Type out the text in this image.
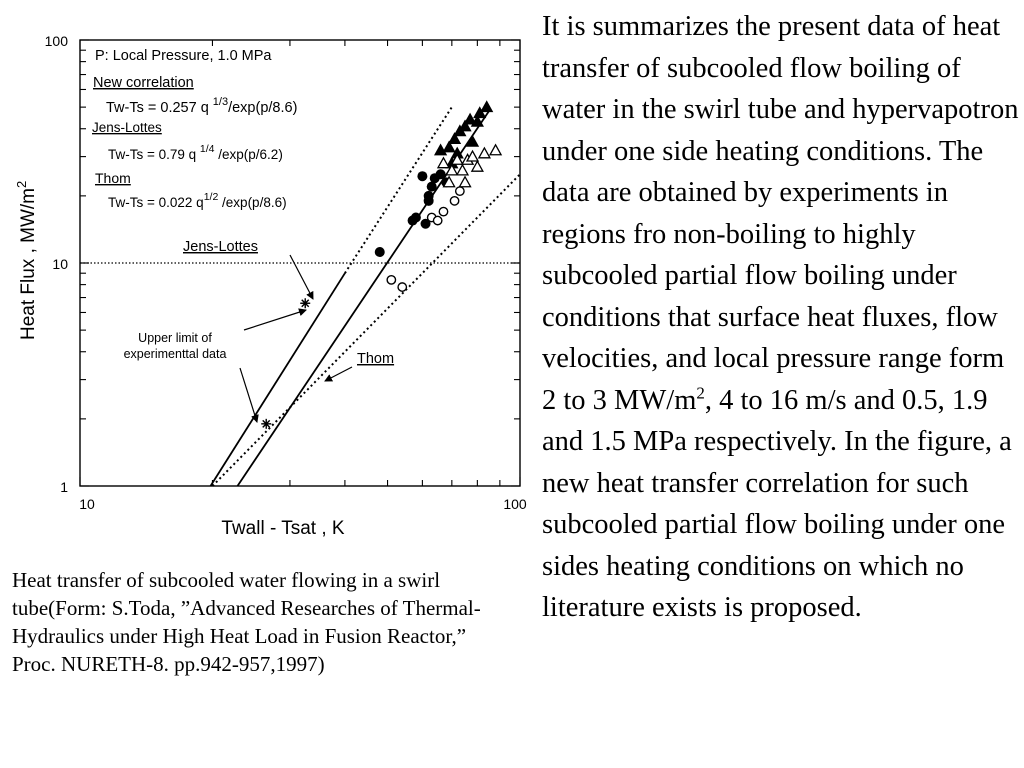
100
10
1
10	100
Twall - Tsat , K
Heat Flux , $MW/m^2$
P: Local Pressure, 1.0 MPa
New correlation
Tw-Ts = 0.257 q $^{1/3}$/exp(p/8.6)
Jens-Lottes
Tw-Ts = 0.79 q $^{1/4}$ /exp(p/6.2)
Thom
Tw-Ts = 0.022 $q^{1/2}$ /exp(p/8.6)
Jens-Lottes
Upper limit of
experimenttal data	Thom

Heat transfer of subcooled water flowing in a swirl tube(Form: S.Toda, ”Advanced Researches of Thermal-Hydraulics under High Heat Load in Fusion Reactor,” Proc. NURETH-8. pp.942-957,1997)

It is summarizes the present data of heat transfer of subcooled flow boiling of water in the swirl tube and hypervapotron under one side heating conditions. The data are obtained by experiments in regions fro non-boiling to highly subcooled partial flow boiling under conditions that surface heat fluxes, flow velocities, and local pressure range form 2 to 3 $MW/m^2$, 4 to 16 m/s and 0.5, 1.9 and 1.5 MPa respectively. In the figure, a new heat transfer correlation for such subcooled partial flow boiling under one sides heating conditions on which no literature exists is proposed.
